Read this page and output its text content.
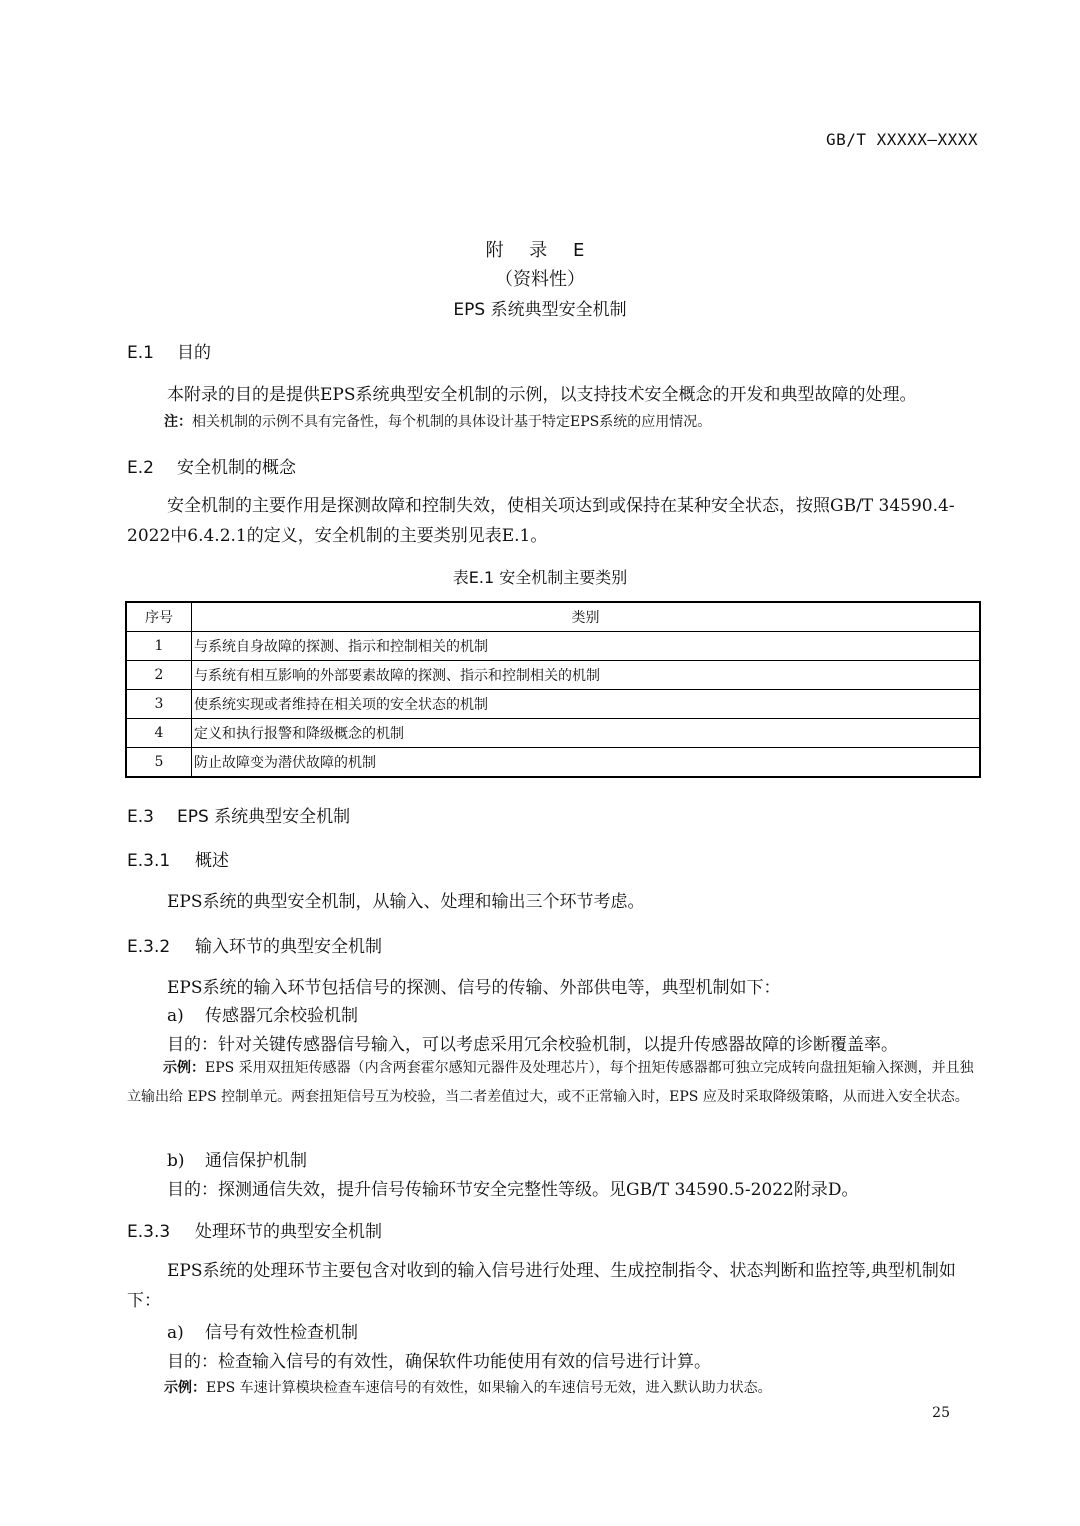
GB/T XXXXX—XXXX
附 录 E
（资料性）
EPS 系统典型安全机制
E.1 目的
本附录的目的是提供EPS系统典型安全机制的示例，以支持技术安全概念的开发和典型故障的处理。
注：相关机制的示例不具有完备性，每个机制的具体设计基于特定EPS系统的应用情况。
E.2 安全机制的概念
安全机制的主要作用是探测故障和控制失效，使相关项达到或保持在某种安全状态，按照GB/T 34590.4-2022中6.4.2.1的定义，安全机制的主要类别见表E.1。
表E.1 安全机制主要类别
序号	类别
1	与系统自身故障的探测、指示和控制相关的机制
2	与系统有相互影响的外部要素故障的探测、指示和控制相关的机制
3	使系统实现或者维持在相关项的安全状态的机制
4	定义和执行报警和降级概念的机制
5	防止故障变为潜伏故障的机制
E.3 EPS 系统典型安全机制
E.3.1 概述
EPS系统的典型安全机制，从输入、处理和输出三个环节考虑。
E.3.2 输入环节的典型安全机制
EPS系统的输入环节包括信号的探测、信号的传输、外部供电等，典型机制如下：
a) 传感器冗余校验机制
目的：针对关键传感器信号输入，可以考虑采用冗余校验机制，以提升传感器故障的诊断覆盖率。
示例：EPS 采用双扭矩传感器（内含两套霍尔感知元器件及处理芯片），每个扭矩传感器都可独立完成转向盘扭矩输入探测，并且独立输出给 EPS 控制单元。两套扭矩信号互为校验，当二者差值过大，或不正常输入时，EPS 应及时采取降级策略，从而进入安全状态。
b) 通信保护机制
目的：探测通信失效，提升信号传输环节安全完整性等级。见GB/T 34590.5-2022附录D。
E.3.3 处理环节的典型安全机制
EPS系统的处理环节主要包含对收到的输入信号进行处理、生成控制指令、状态判断和监控等,典型机制如下：
a) 信号有效性检查机制
目的：检查输入信号的有效性，确保软件功能使用有效的信号进行计算。
示例：EPS 车速计算模块检查车速信号的有效性，如果输入的车速信号无效，进入默认助力状态。
25
